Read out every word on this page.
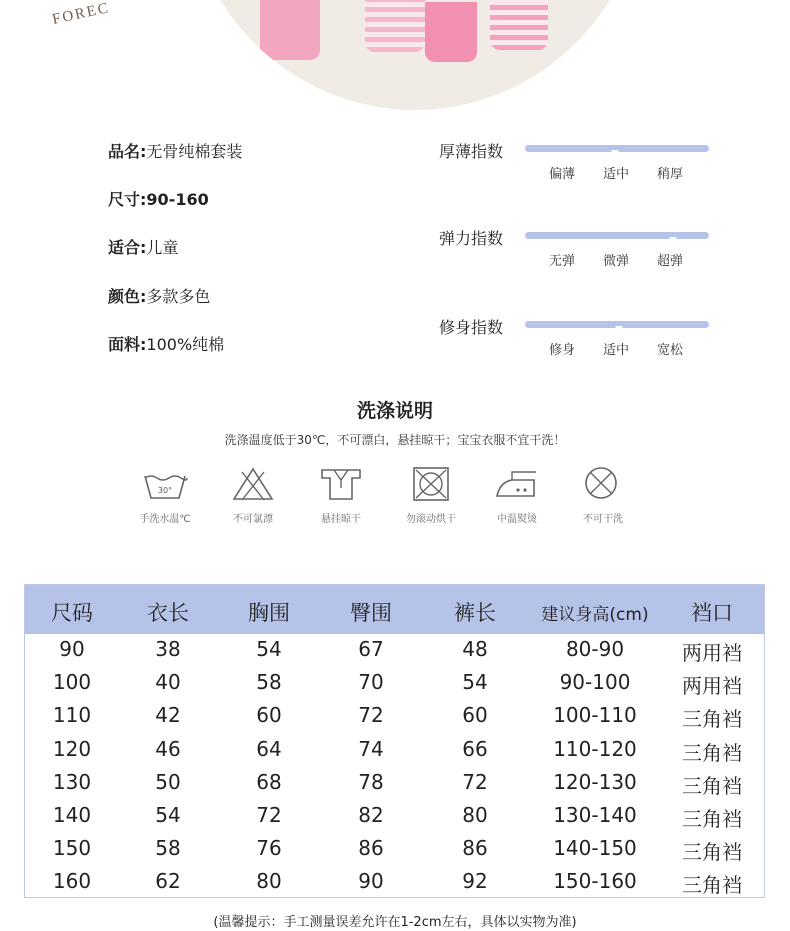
FOREC
品名:无骨纯棉套装
尺寸:90-160
适合:儿童
颜色:多款多色
面料:100%纯棉
厚薄指数
偏薄 适中 稍厚
弹力指数
无弹 微弹 超弹
修身指数
修身 适中 宽松
洗涤说明
洗涤温度低于30℃，不可漂白，悬挂晾干；宝宝衣服不宜干洗！
30°
手洗水温℃	不可氯漂	悬挂晾干	勿滚动烘干	中温熨烫	不可干洗
尺码	衣长	胸围	臀围	裤长	建议身高(cm) 裆口
90	38	54	67	48	80-90	两用裆
100	40	58	70	54	90-100	两用裆
110	42	60	72	60	100-110 三角裆
120	46	64	74	66	110-120 三角裆
130	50	68	78	72	120-130 三角裆
140	54	72	82	80	130-140 三角裆
150	58	76	86	86	140-150 三角裆
160	62	80	90	92	150-160 三角裆
(温馨提示：手工测量误差允许在1-2cm左右，具体以实物为准)
